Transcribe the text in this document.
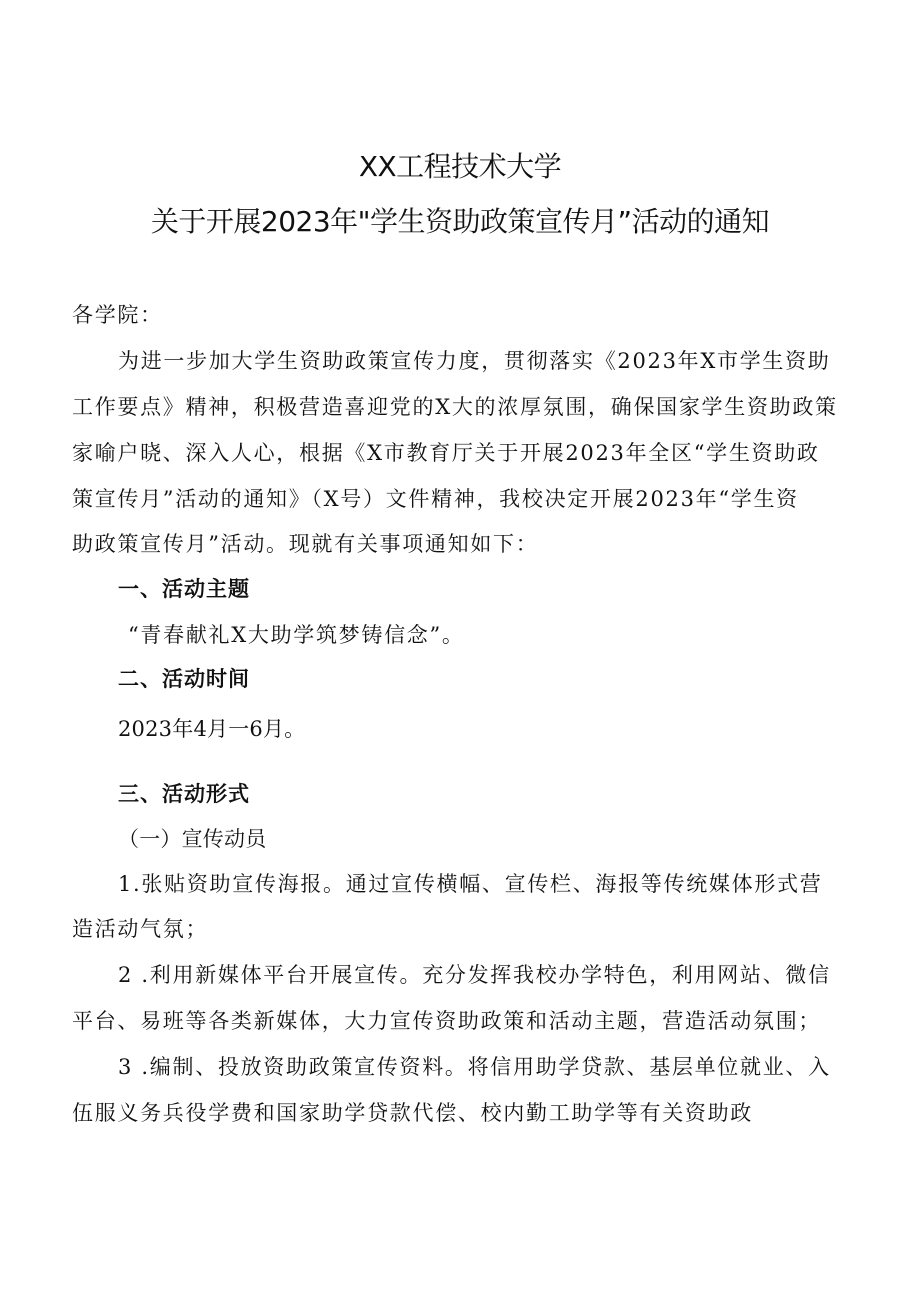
XX工程技术大学
关于开展2023年"学生资助政策宣传月”活动的通知
各学院：
为进一步加大学生资助政策宣传力度，贯彻落实《2023年X市学生资助
工作要点》精神，积极营造喜迎党的X大的浓厚氛围，确保国家学生资助政策
家喻户晓、深入人心，根据《X市教育厅关于开展2023年全区“学生资助政
策宣传月”活动的通知》（X号）文件精神，我校决定开展2023年“学生资
助政策宣传月”活动。现就有关事项通知如下：
一、活动主题
“青春献礼X大助学筑梦铸信念”。
二、活动时间
2023年4月一6月。
三、活动形式
（一）宣传动员
1.张贴资助宣传海报。通过宣传横幅、宣传栏、海报等传统媒体形式营
造活动气氛；
2 .利用新媒体平台开展宣传。充分发挥我校办学特色，利用网站、微信
平台、易班等各类新媒体，大力宣传资助政策和活动主题，营造活动氛围；
3 .编制、投放资助政策宣传资料。将信用助学贷款、基层单位就业、入
伍服义务兵役学费和国家助学贷款代偿、校内勤工助学等有关资助政
